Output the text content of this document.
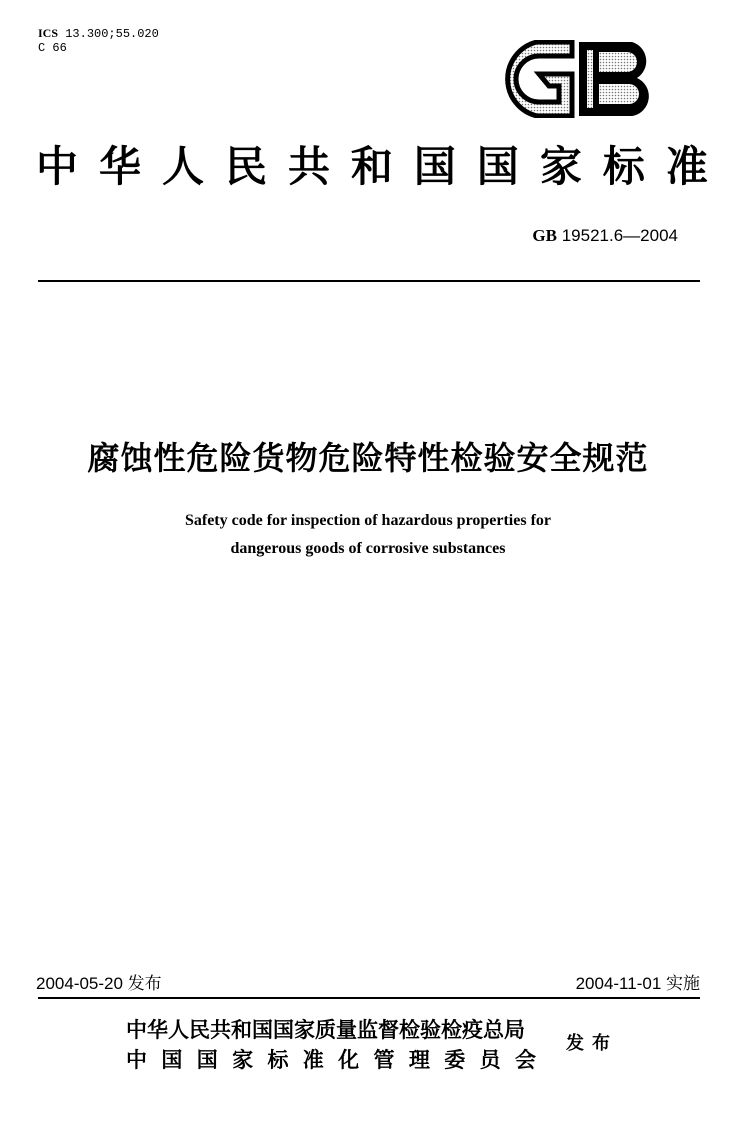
ICS 13.300;55.020
C 66
中 华 人 民 共 和 国 国 家 标 准
GB 19521.6—2004
腐蚀性危险货物危险特性检验安全规范
Safety code for inspection of hazardous properties for
dangerous goods of corrosive substances
2004-05-20 发布	2004-11-01 实施
中华人民共和国国家质量监督检验检疫总局
中 国 国 家 标 准 化 管 理 委 员 会
发布
